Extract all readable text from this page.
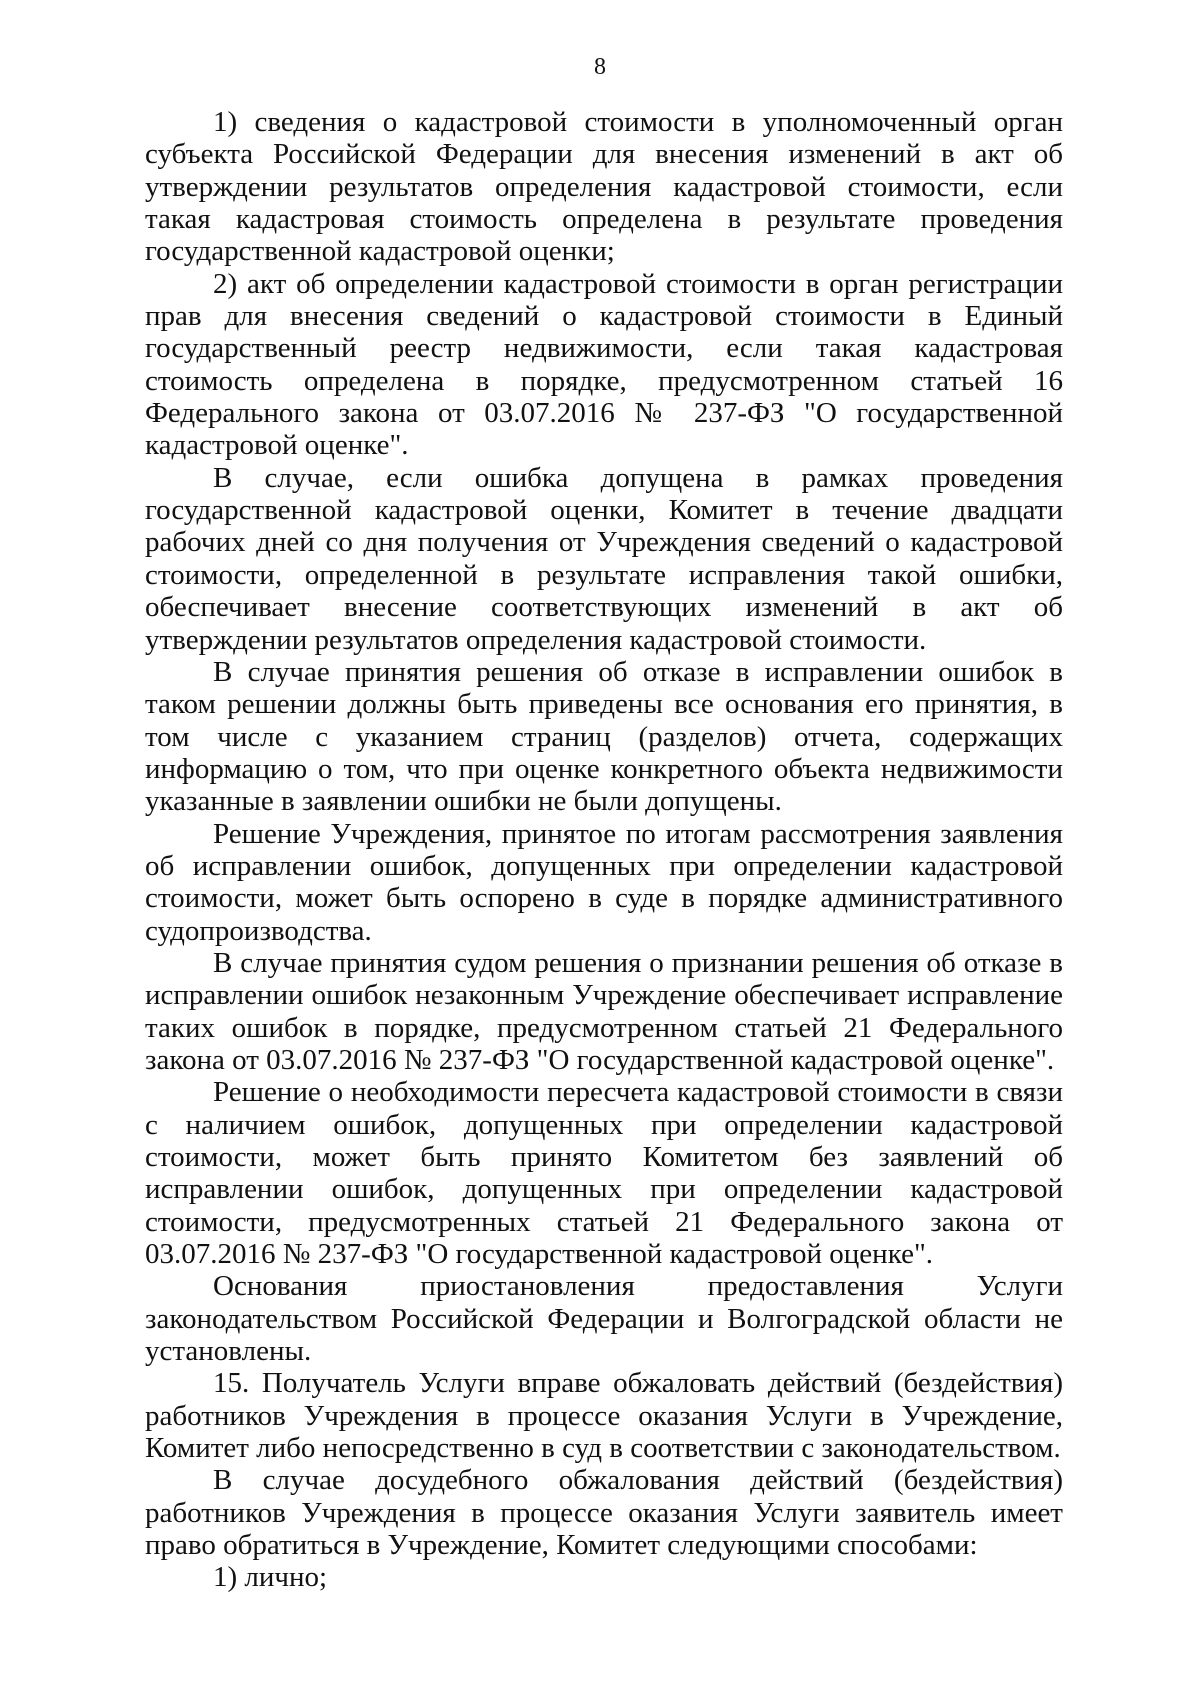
8

1) сведения о кадастровой стоимости в уполномоченный орган субъекта Российской Федерации для внесения изменений в акт об утверждении результатов определения кадастровой стоимости, если такая кадастровая стоимость определена в результате проведения государственной кадастровой оценки;

2) акт об определении кадастровой стоимости в орган регистрации прав для внесения сведений о кадастровой стоимости в Единый государственный реестр недвижимости, если такая кадастровая стоимость определена в порядке, предусмотренном статьей 16 Федерального закона от 03.07.2016 № 237-ФЗ "О государственной кадастровой оценке".

В случае, если ошибка допущена в рамках проведения государственной кадастровой оценки, Комитет в течение двадцати рабочих дней со дня получения от Учреждения сведений о кадастровой стоимости, определенной в результате исправления такой ошибки, обеспечивает внесение соответствующих изменений в акт об утверждении результатов определения кадастровой стоимости.

В случае принятия решения об отказе в исправлении ошибок в таком решении должны быть приведены все основания его принятия, в том числе с указанием страниц (разделов) отчета, содержащих информацию о том, что при оценке конкретного объекта недвижимости указанные в заявлении ошибки не были допущены.

Решение Учреждения, принятое по итогам рассмотрения заявления об исправлении ошибок, допущенных при определении кадастровой стоимости, может быть оспорено в суде в порядке административного судопроизводства.

В случае принятия судом решения о признании решения об отказе в исправлении ошибок незаконным Учреждение обеспечивает исправление таких ошибок в порядке, предусмотренном статьей 21 Федерального закона от 03.07.2016 № 237-ФЗ "О государственной кадастровой оценке".

Решение о необходимости пересчета кадастровой стоимости в связи с наличием ошибок, допущенных при определении кадастровой стоимости, может быть принято Комитетом без заявлений об исправлении ошибок, допущенных при определении кадастровой стоимости, предусмотренных статьей 21 Федерального закона от 03.07.2016 № 237-ФЗ "О государственной кадастровой оценке".

Основания приостановления предоставления Услуги законодательством Российской Федерации и Волгоградской области не установлены.

15. Получатель Услуги вправе обжаловать действий (бездействия) работников Учреждения в процессе оказания Услуги в Учреждение, Комитет либо непосредственно в суд в соответствии с законодательством.

В случае досудебного обжалования действий (бездействия) работников Учреждения в процессе оказания Услуги заявитель имеет право обратиться в Учреждение, Комитет следующими способами:

1) лично;
